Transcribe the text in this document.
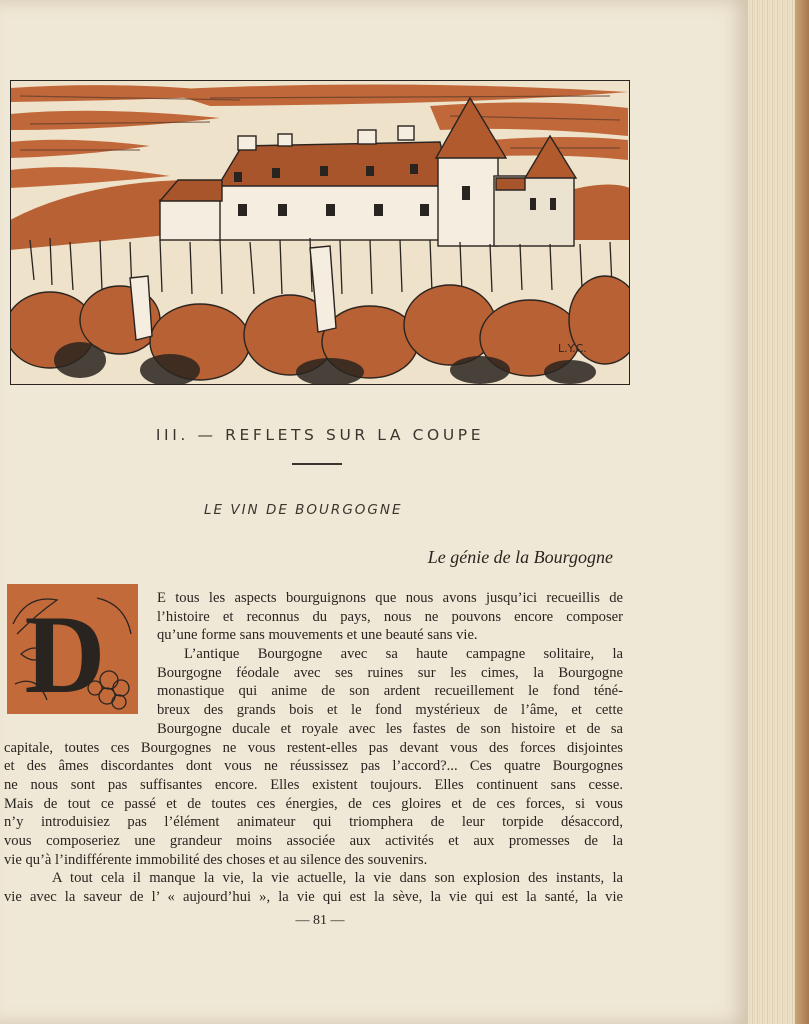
L.Y.C.
III. — REFLETS SUR LA COUPE
LE VIN DE BOURGOGNE
Le génie de la Bourgogne
D	E tous les aspects bourguignons que nous avons jusqu’ici recueillis de
l’histoire et reconnus du pays, nous ne pouvons encore composer
qu’une forme sans mouvements et une beauté sans vie.
L’antique Bourgogne avec sa haute campagne solitaire, la
Bourgogne féodale avec ses ruines sur les cimes, la Bourgogne
monastique qui anime de son ardent recueillement le fond téné-
breux des grands bois et le fond mystérieux de l’âme, et cette
Bourgogne ducale et royale avec les fastes de son histoire et de sa
capitale, toutes ces Bourgognes ne vous restent-elles pas devant vous des forces disjointes
et des âmes discordantes dont vous ne réussissez pas l’accord?... Ces quatre Bourgognes
ne nous sont pas suffisantes encore. Elles existent toujours. Elles continuent sans cesse.
Mais de tout ce passé et de toutes ces énergies, de ces gloires et de ces forces, si vous
n’y introduisiez pas l’élément animateur qui triomphera de leur torpide désaccord,
vous composeriez une grandeur moins associée aux activités et aux promesses de la
vie qu’à l’indifférente immobilité des choses et au silence des souvenirs.
A tout cela il manque la vie, la vie actuelle, la vie dans son explosion des instants, la
vie avec la saveur de l’ « aujourd’hui », la vie qui est la sève, la vie qui est la santé, la vie
— 81 —
